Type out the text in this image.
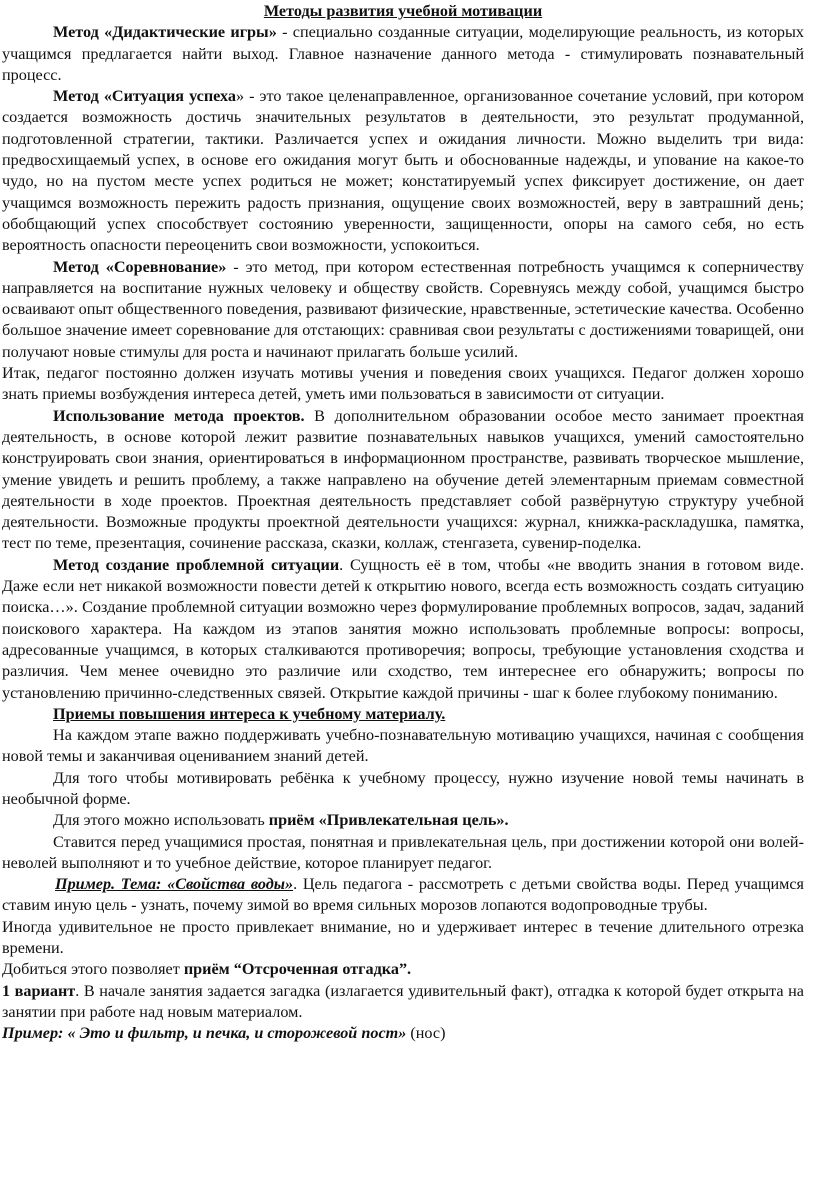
Методы развития учебной мотивации

Метод «Дидактические игры» - специально созданные ситуации, моделирующие реальность, из которых учащимся предлагается найти выход. Главное назначение данного метода - стимулировать познавательный процесс.

Метод «Ситуация успеха» - это такое целенаправленное, организованное сочетание условий, при котором создается возможность достичь значительных результатов в деятельности, это результат продуманной, подготовленной стратегии, тактики. Различается успех и ожидания личности. Можно выделить три вида: предвосхищаемый успех, в основе его ожидания могут быть и обоснованные надежды, и упование на какое-то чудо, но на пустом месте успех родиться не может; констатируемый успех фиксирует достижение, он дает учащимся возможность пережить радость признания, ощущение своих возможностей, веру в завтрашний день; обобщающий успех способствует состоянию уверенности, защищенности, опоры на самого себя, но есть вероятность опасности переоценить свои возможности, успокоиться.

Метод «Соревнование» - это метод, при котором естественная потребность учащимся к соперничеству направляется на воспитание нужных человеку и обществу свойств. Соревнуясь между собой, учащимся быстро осваивают опыт общественного поведения, развивают физические, нравственные, эстетические качества. Особенно большое значение имеет соревнование для отстающих: сравнивая свои результаты с достижениями товарищей, они получают новые стимулы для роста и начинают прилагать больше усилий.

Итак, педагог постоянно должен изучать мотивы учения и поведения своих учащихся. Педагог должен хорошо знать приемы возбуждения интереса детей, уметь ими пользоваться в зависимости от ситуации.

Использование метода проектов. В дополнительном образовании особое место занимает проектная деятельность, в основе которой лежит развитие познавательных навыков учащихся, умений самостоятельно конструировать свои знания, ориентироваться в информационном пространстве, развивать творческое мышление, умение увидеть и решить проблему, а также направлено на обучение детей элементарным приемам совместной деятельности в ходе проектов. Проектная деятельность представляет собой развёрнутую структуру учебной деятельности. Возможные продукты проектной деятельности учащихся: журнал, книжка-раскладушка, памятка, тест по теме, презентация, сочинение рассказа, сказки, коллаж, стенгазета, сувенир-поделка.

Метод создание проблемной ситуации. Сущность её в том, чтобы «не вводить знания в готовом виде. Даже если нет никакой возможности повести детей к открытию нового, всегда есть возможность создать ситуацию поиска…». Создание проблемной ситуации возможно через формулирование проблемных вопросов, задач, заданий поискового характера. На каждом из этапов занятия можно использовать проблемные вопросы: вопросы, адресованные учащимся, в которых сталкиваются противоречия; вопросы, требующие установления сходства и различия. Чем менее очевидно это различие или сходство, тем интереснее его обнаружить; вопросы по установлению причинно-следственных связей. Открытие каждой причины - шаг к более глубокому пониманию.

Приемы повышения интереса к учебному материалу.

На каждом этапе важно поддерживать учебно-познавательную мотивацию учащихся, начиная с сообщения новой темы и заканчивая оцениванием знаний детей.

Для того чтобы мотивировать ребёнка к учебному процессу, нужно изучение новой темы начинать в необычной форме.

Для этого можно использовать приём «Привлекательная цель».

Ставится перед учащимися простая, понятная и привлекательная цель, при достижении которой они волей-неволей выполняют и то учебное действие, которое планирует педагог.

Пример. Тема: «Свойства воды». Цель педагога - рассмотреть с детьми свойства воды. Перед учащимся ставим иную цель - узнать, почему зимой во время сильных морозов лопаются водопроводные трубы.

Иногда удивительное не просто привлекает внимание, но и удерживает интерес в течение длительного отрезка времени.

Добиться этого позволяет приём “Отсроченная отгадка”.

1 вариант. В начале занятия задается загадка (излагается удивительный факт), отгадка к которой будет открыта на занятии при работе над новым материалом.

Пример: « Это и фильтр, и печка, и сторожевой пост» (нос)
